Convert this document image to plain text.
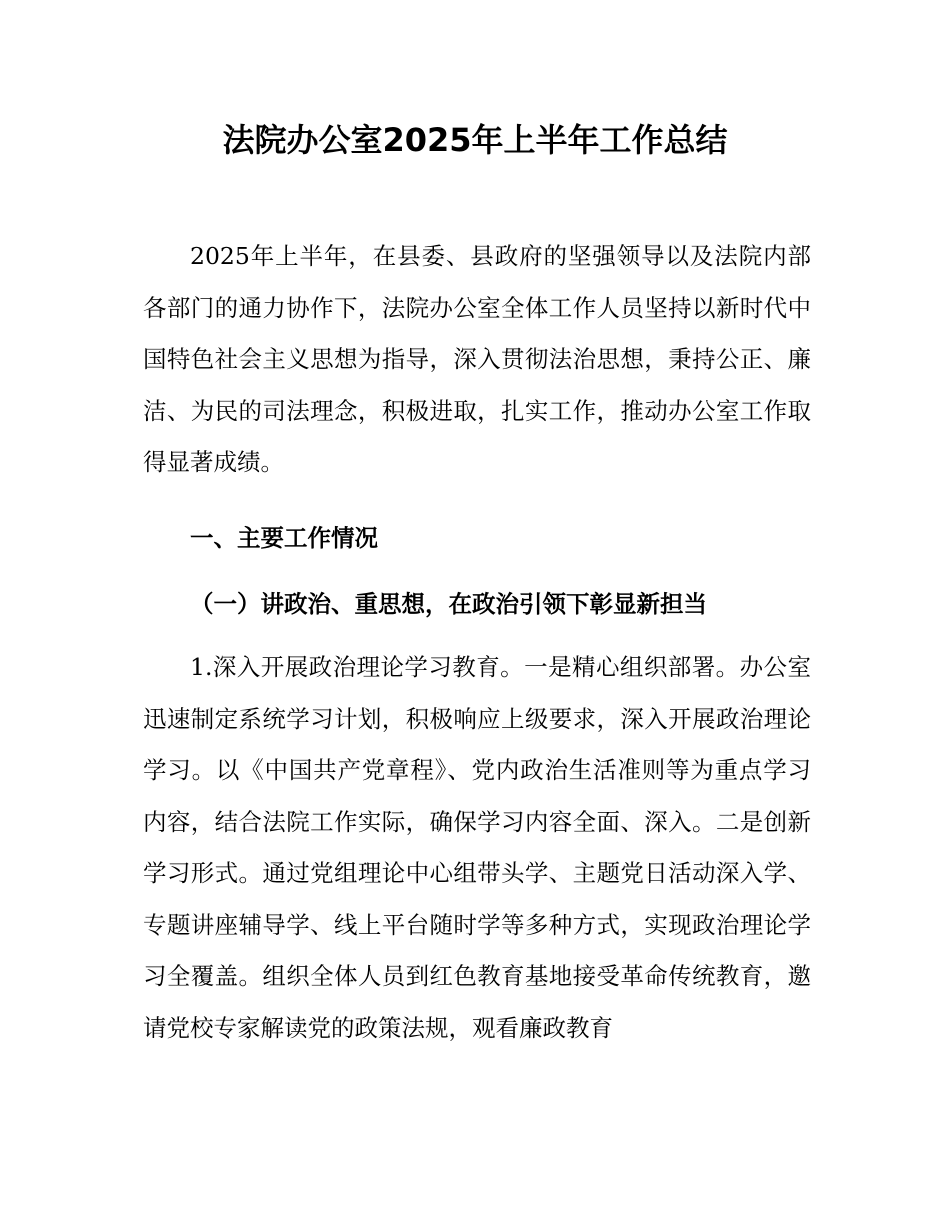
法院办公室2025年上半年工作总结

2025年上半年，在县委、县政府的坚强领导以及法院内部各部门的通力协作下，法院办公室全体工作人员坚持以新时代中国特色社会主义思想为指导，深入贯彻法治思想，秉持公正、廉洁、为民的司法理念，积极进取，扎实工作，推动办公室工作取得显著成绩。

一、主要工作情况
（一）讲政治、重思想，在政治引领下彰显新担当

1.深入开展政治理论学习教育。一是精心组织部署。办公室迅速制定系统学习计划，积极响应上级要求，深入开展政治理论学习。以《中国共产党章程》、党内政治生活准则等为重点学习内容，结合法院工作实际，确保学习内容全面、深入。二是创新学习形式。通过党组理论中心组带头学、主题党日活动深入学、专题讲座辅导学、线上平台随时学等多种方式，实现政治理论学习全覆盖。组织全体人员到红色教育基地接受革命传统教育，邀请党校专家解读党的政策法规，观看廉政教育
